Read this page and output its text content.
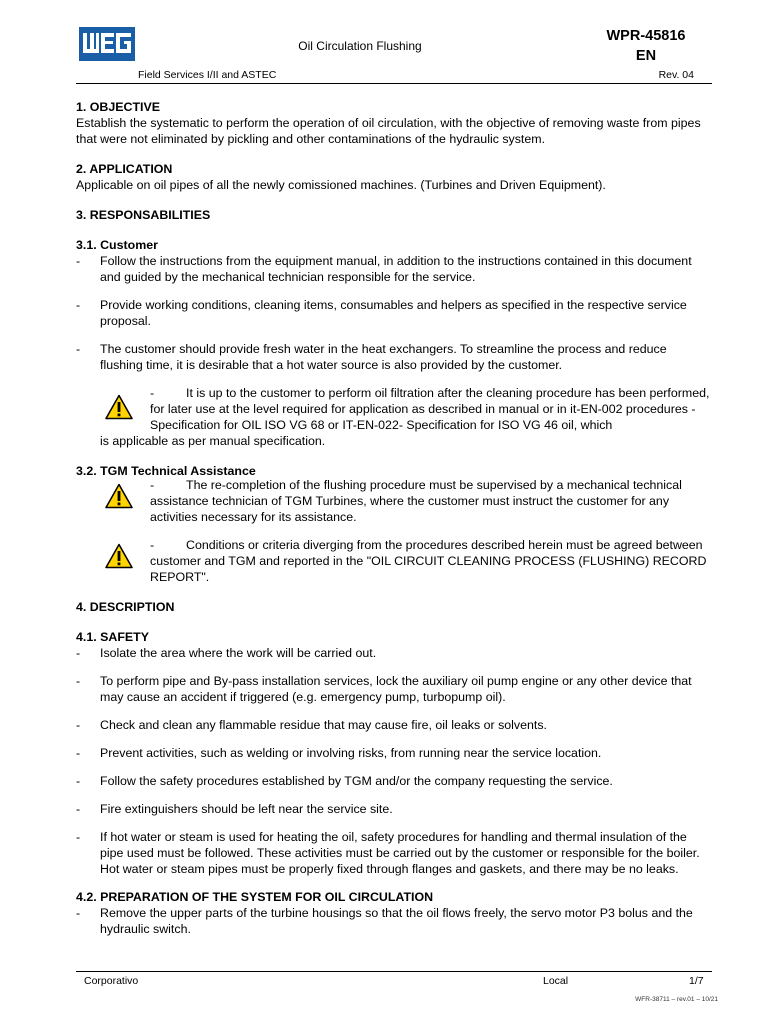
Oil Circulation Flushing
WPR-45816
EN
Field Services I/II and ASTEC	Rev. 04
1. OBJECTIVE

Establish the systematic to perform the operation of oil circulation, with the objective of removing waste from pipes that were not eliminated by pickling and other contaminations of the hydraulic system.

2. APPLICATION

Applicable on oil pipes of all the newly comissioned machines. (Turbines and Driven Equipment).

3. RESPONSABILITIES
3.1. Customer
-	Follow the instructions from the equipment manual, in addition to the instructions contained in this document and guided by the mechanical technician responsible for the service.
-	Provide working conditions, cleaning items, consumables and helpers as specified in the respective service proposal.
-	The customer should provide fresh water in the heat exchangers. To streamline the process and reduce flushing time, it is desirable that a hot water source is also provided by the customer.
-	It is up to the customer to perform oil filtration after the cleaning procedure has been performed, for later use at the level required for application as described in manual or in it-EN-002 procedures - Specification for OIL ISO VG 68 or IT-EN-022- Specification for ISO VG 46 oil, which
is applicable as per manual specification.
3.2. TGM Technical Assistance
-	The re-completion of the flushing procedure must be supervised by a mechanical technical assistance technician of TGM Turbines, where the customer must instruct the customer for any activities necessary for its assistance.
-	Conditions or criteria diverging from the procedures described herein must be agreed between customer and TGM and reported in the "OIL CIRCUIT CLEANING PROCESS (FLUSHING) RECORD REPORT".
4. DESCRIPTION
4.1. SAFETY
-	Isolate the area where the work will be carried out.
-	To perform pipe and By-pass installation services, lock the auxiliary oil pump engine or any other device that may cause an accident if triggered (e.g. emergency pump, turbopump oil).
-	Check and clean any flammable residue that may cause fire, oil leaks or solvents.
-	Prevent activities, such as welding or involving risks, from running near the service location.
-	Follow the safety procedures established by TGM and/or the company requesting the service.
-	Fire extinguishers should be left near the service site.
-	If hot water or steam is used for heating the oil, safety procedures for handling and thermal insulation of the pipe used must be followed. These activities must be carried out by the customer or responsible for the boiler. Hot water or steam pipes must be properly fixed through flanges and gaskets, and there may be no leaks.
4.2. PREPARATION OF THE SYSTEM FOR OIL CIRCULATION
-	Remove the upper parts of the turbine housings so that the oil flows freely, the servo motor P3 bolus and the hydraulic switch.
Corporativo	Local	1/7
WFR-38711 – rev.01 – 10/21
